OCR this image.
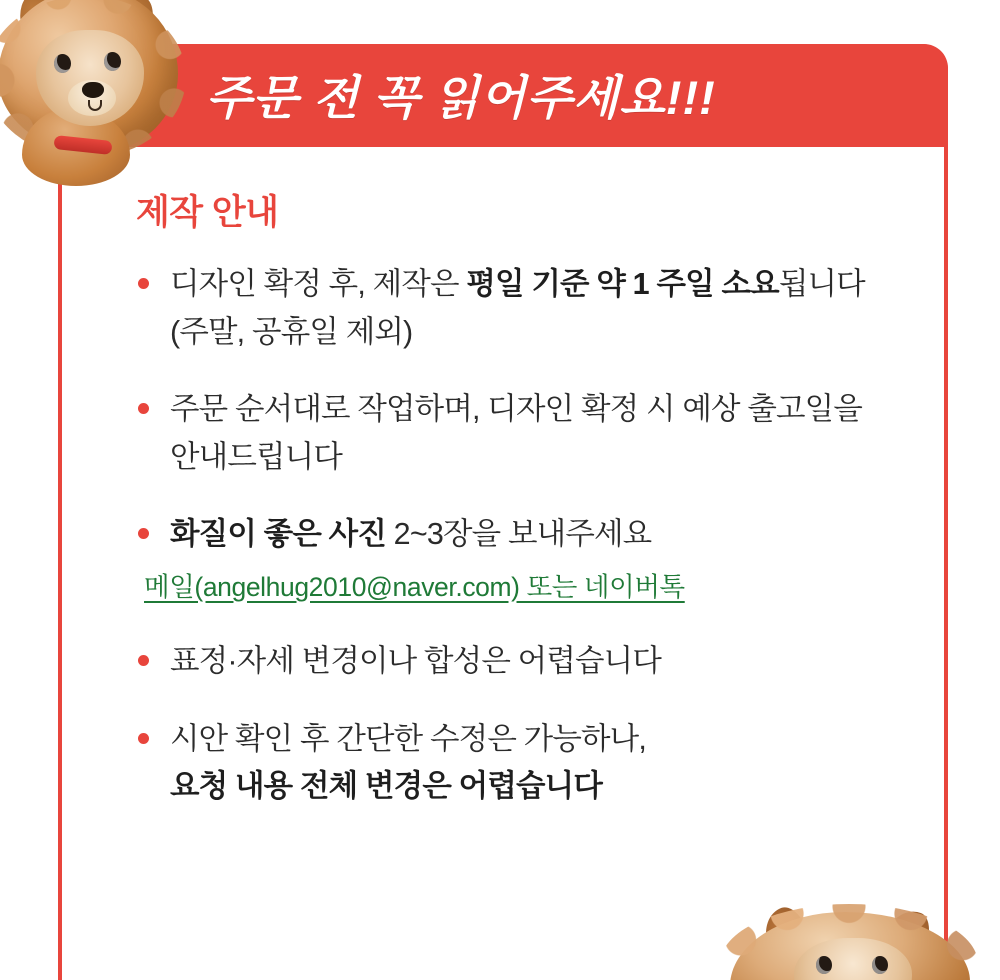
주문 전 꼭 읽어주세요!!!
제작 안내
디자인 확정 후, 제작은 평일 기준 약 1 주일 소요됩니다 (주말, 공휴일 제외)
주문 순서대로 작업하며, 디자인 확정 시 예상 출고일을 안내드립니다
화질이 좋은 사진 2~3장을 보내주세요
메일(angelhug2010@naver.com) 또는 네이버톡
표정·자세 변경이나 합성은 어렵습니다
시안 확인 후 간단한 수정은 가능하나,
요청 내용 전체 변경은 어렵습니다
